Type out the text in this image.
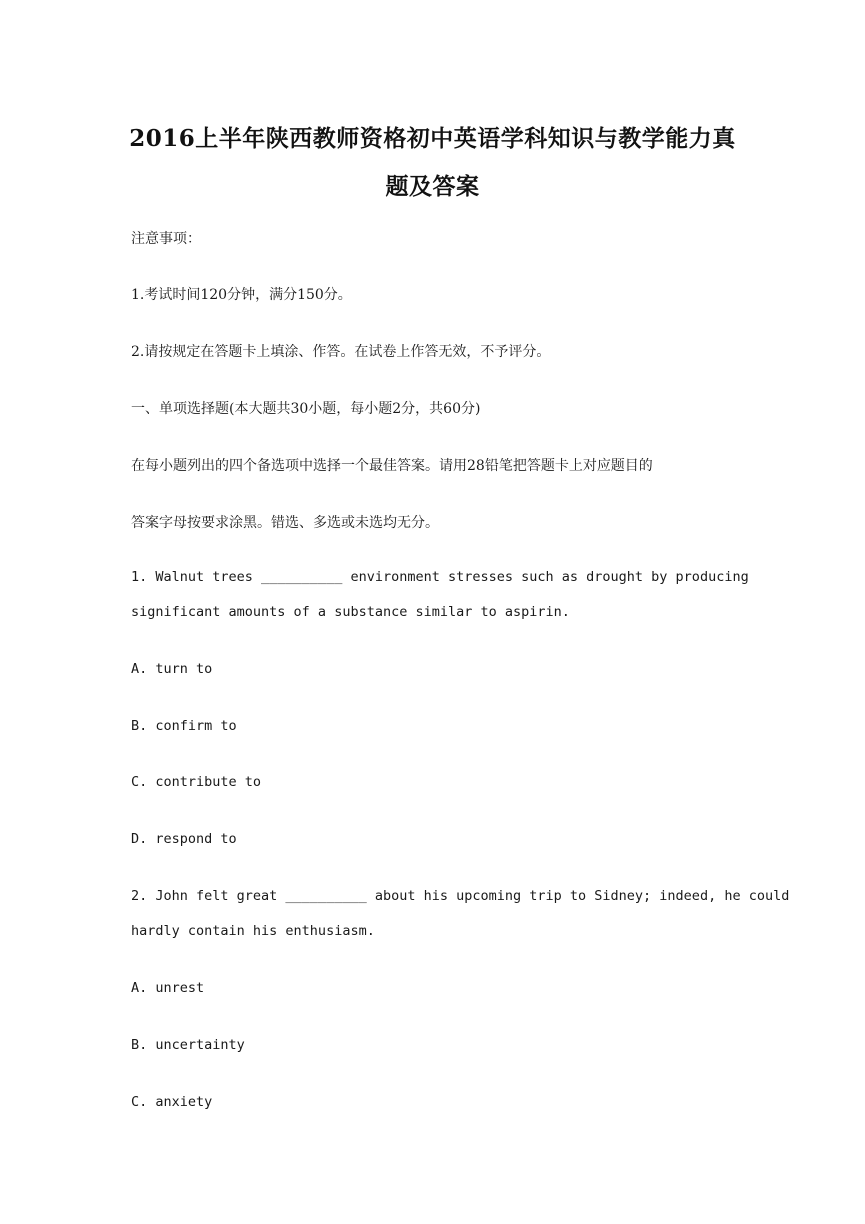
2016上半年陕西教师资格初中英语学科知识与教学能力真
题及答案
注意事项：
1.考试时间120分钟，满分150分。
2.请按规定在答题卡上填涂、作答。在试卷上作答无效，不予评分。
一、单项选择题(本大题共30小题，每小题2分，共60分)
在每小题列出的四个备选项中选择一个最佳答案。请用28铅笔把答题卡上对应题目的
答案字母按要求涂黑。错选、多选或未选均无分。
1. Walnut trees __________ environment stresses such as drought by producing
significant amounts of a substance similar to aspirin.
A. turn to
B. confirm to
C. contribute to
D. respond to
2. John felt great __________ about his upcoming trip to Sidney; indeed, he could
hardly contain his enthusiasm.
A. unrest
B. uncertainty
C. anxiety
